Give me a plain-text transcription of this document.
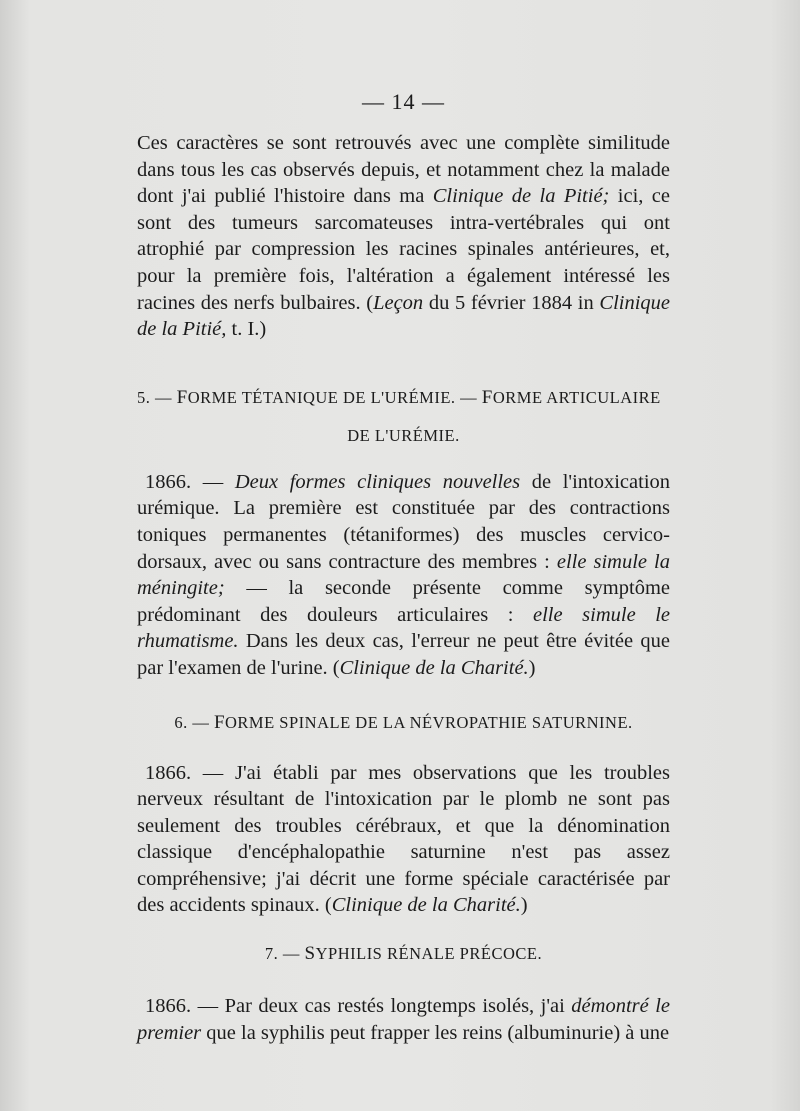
— 14 —

Ces caractères se sont retrouvés avec une complète similitude dans tous les cas observés depuis, et notamment chez la malade dont j'ai publié l'histoire dans ma Clinique de la Pitié; ici, ce sont des tumeurs sarcomateuses intra-vertébrales qui ont atrophié par compression les racines spinales antérieures, et, pour la première fois, l'altération a également intéressé les racines des nerfs bulbaires. (Leçon du 5 février 1884 in Clinique de la Pitié, t. I.)

5. — FORME TÉTANIQUE DE L'URÉMIE. — FORME ARTICULAIRE
DE L'URÉMIE.

1866. — Deux formes cliniques nouvelles de l'intoxication urémique. La première est constituée par des contractions toniques permanentes (tétaniformes) des muscles cervico-dorsaux, avec ou sans contracture des membres : elle simule la méningite; — la seconde présente comme symptôme prédominant des douleurs articulaires : elle simule le rhumatisme. Dans les deux cas, l'erreur ne peut être évitée que par l'examen de l'urine. (Clinique de la Charité.)

6. — FORME SPINALE DE LA NÉVROPATHIE SATURNINE.

1866. — J'ai établi par mes observations que les troubles nerveux résultant de l'intoxication par le plomb ne sont pas seulement des troubles cérébraux, et que la dénomination classique d'encéphalopathie saturnine n'est pas assez compréhensive; j'ai décrit une forme spéciale caractérisée par des accidents spinaux. (Clinique de la Charité.)

7. — SYPHILIS RÉNALE PRÉCOCE.

1866. — Par deux cas restés longtemps isolés, j'ai démontré le premier que la syphilis peut frapper les reins (albuminurie) à une
